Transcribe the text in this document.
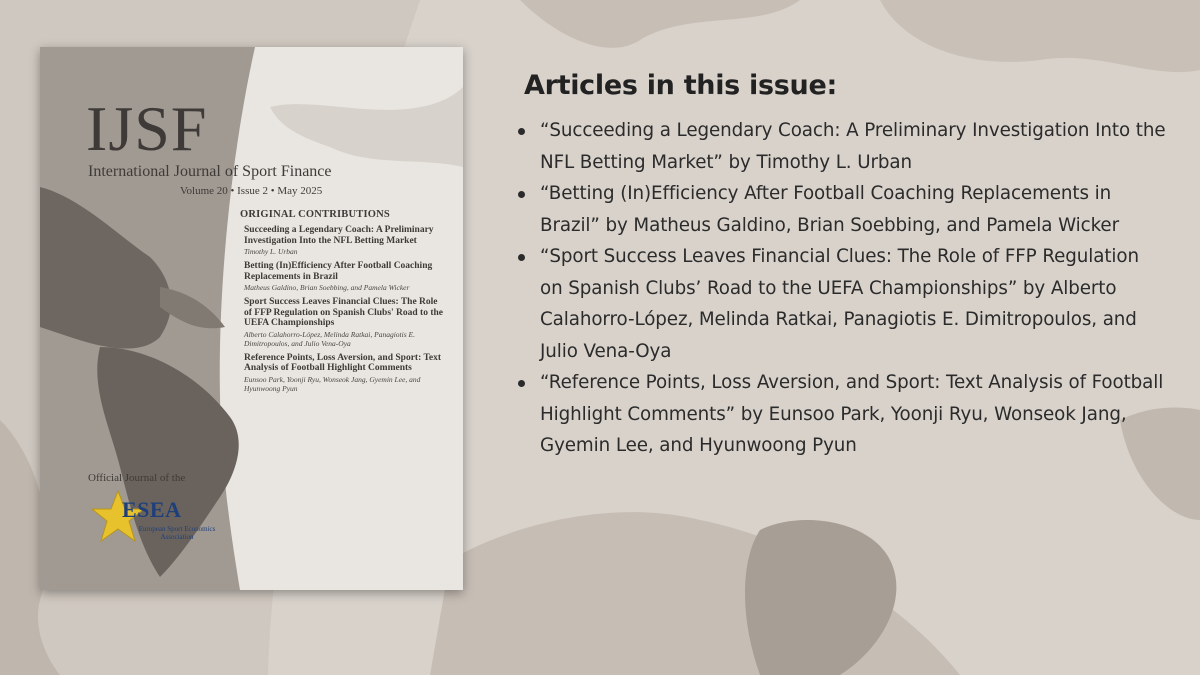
IJSF
International Journal of Sport Finance
Volume 20 • Issue 2 • May 2025
ORIGINAL CONTRIBUTIONS
Succeeding a Legendary Coach: A Preliminary Investigation Into the NFL Betting Market
Timothy L. Urban
Betting (In)Efficiency After Football Coaching Replacements in Brazil
Matheus Galdino, Brian Soebbing, and Pamela Wicker
Sport Success Leaves Financial Clues: The Role of FFP Regulation on Spanish Clubs' Road to the UEFA Championships
Alberto Calahorro-López, Melinda Ratkai, Panagiotis E. Dimitropoulos, and Julio Vena-Oya
Reference Points, Loss Aversion, and Sport: Text Analysis of Football Highlight Comments
Eunsoo Park, Yoonji Ryu, Wonseok Jang, Gyemin Lee, and Hyunwoong Pyun
Official Journal of the
ESEA
European Sport Economics Association
Articles in this issue:
“Succeeding a Legendary Coach: A Preliminary Investigation Into the NFL Betting Market” by Timothy L. Urban
“Betting (In)Efficiency After Football Coaching Replacements in Brazil” by Matheus Galdino, Brian Soebbing, and Pamela Wicker
“Sport Success Leaves Financial Clues: The Role of FFP Regulation on Spanish Clubs’ Road to the UEFA Championships” by Alberto Calahorro-López, Melinda Ratkai, Panagiotis E. Dimitropoulos, and Julio Vena-Oya
“Reference Points, Loss Aversion, and Sport: Text Analysis of Football Highlight Comments” by Eunsoo Park, Yoonji Ryu, Wonseok Jang, Gyemin Lee, and Hyunwoong Pyun
